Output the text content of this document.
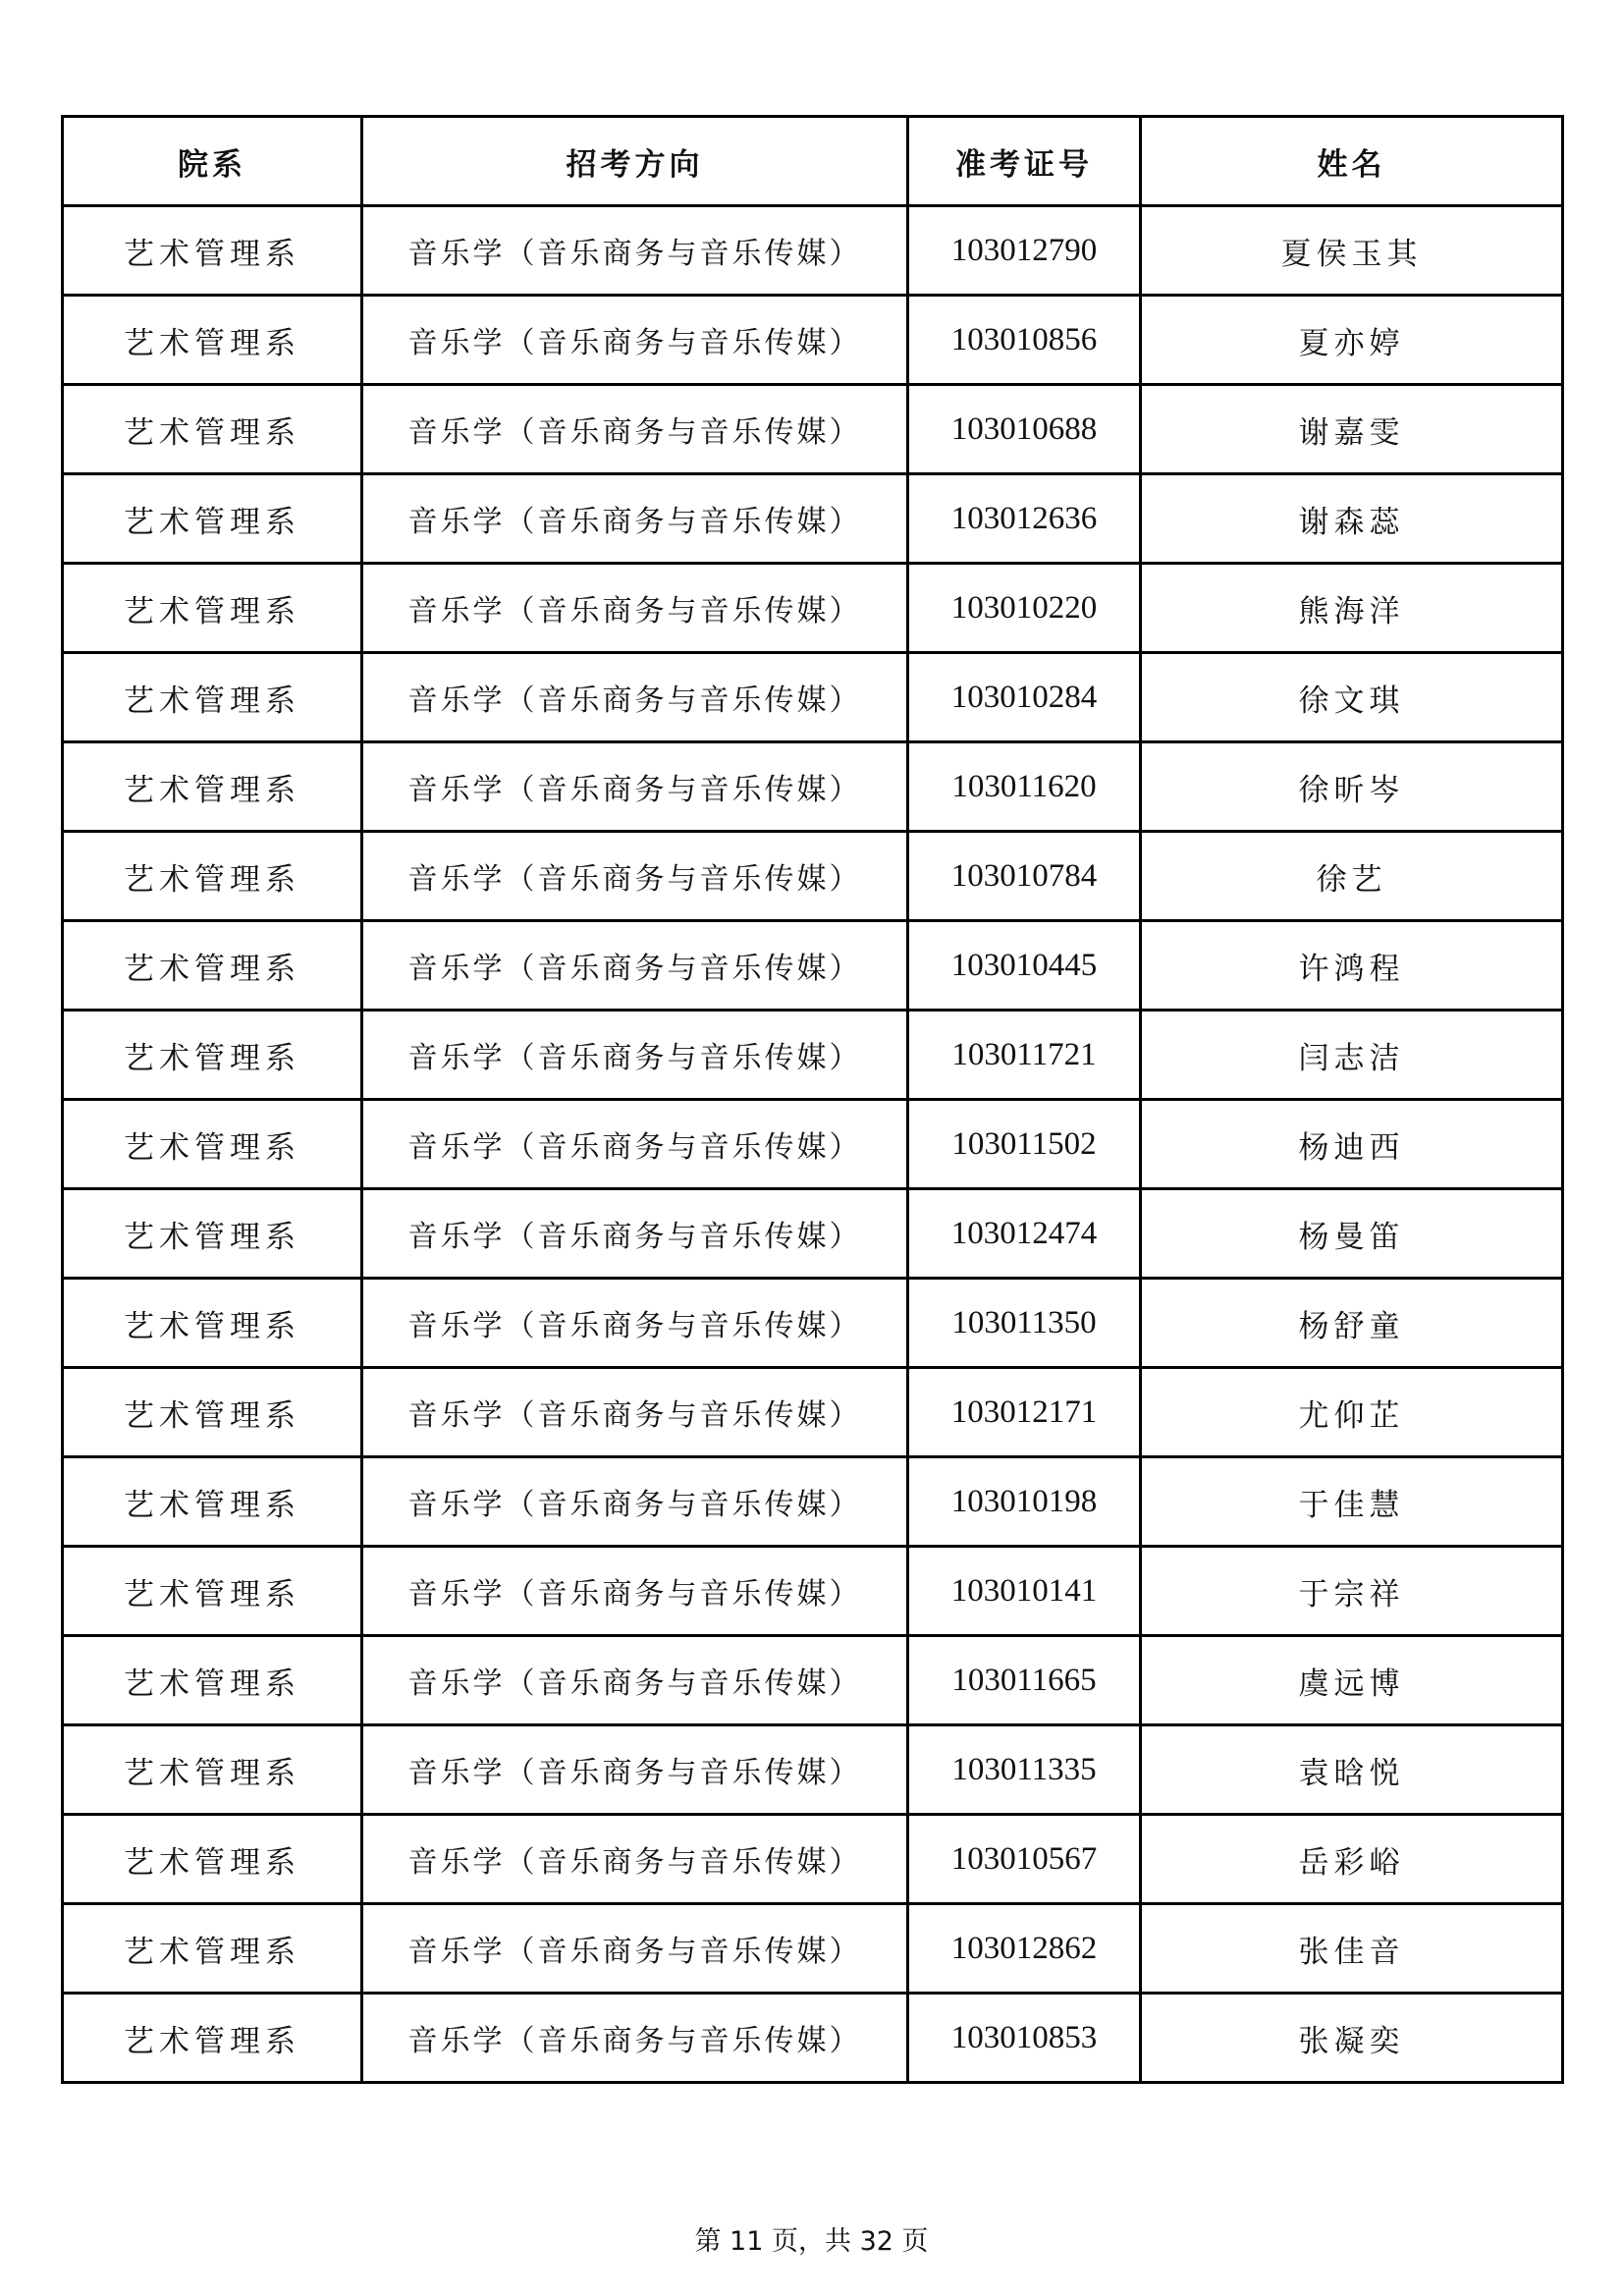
院系	招考方向	准考证号	姓名
艺术管理系	音乐学（音乐商务与音乐传媒）	103012790	夏侯玉其
艺术管理系	音乐学（音乐商务与音乐传媒）	103010856	夏亦婷
艺术管理系	音乐学（音乐商务与音乐传媒）	103010688	谢嘉雯
艺术管理系	音乐学（音乐商务与音乐传媒）	103012636	谢森蕊
艺术管理系	音乐学（音乐商务与音乐传媒）	103010220	熊海洋
艺术管理系	音乐学（音乐商务与音乐传媒）	103010284	徐文琪
艺术管理系	音乐学（音乐商务与音乐传媒）	103011620	徐昕岑
艺术管理系	音乐学（音乐商务与音乐传媒）	103010784	徐艺
艺术管理系	音乐学（音乐商务与音乐传媒）	103010445	许鸿程
艺术管理系	音乐学（音乐商务与音乐传媒）	103011721	闫志洁
艺术管理系	音乐学（音乐商务与音乐传媒）	103011502	杨迪西
艺术管理系	音乐学（音乐商务与音乐传媒）	103012474	杨曼笛
艺术管理系	音乐学（音乐商务与音乐传媒）	103011350	杨舒童
艺术管理系	音乐学（音乐商务与音乐传媒）	103012171	尤仰芷
艺术管理系	音乐学（音乐商务与音乐传媒）	103010198	于佳慧
艺术管理系	音乐学（音乐商务与音乐传媒）	103010141	于宗祥
艺术管理系	音乐学（音乐商务与音乐传媒）	103011665	虞远博
艺术管理系	音乐学（音乐商务与音乐传媒）	103011335	袁晗悦
艺术管理系	音乐学（音乐商务与音乐传媒）	103010567	岳彩峪
艺术管理系	音乐学（音乐商务与音乐传媒）	103012862	张佳音
艺术管理系	音乐学（音乐商务与音乐传媒）	103010853	张凝奕
第 11 页，共 32 页
